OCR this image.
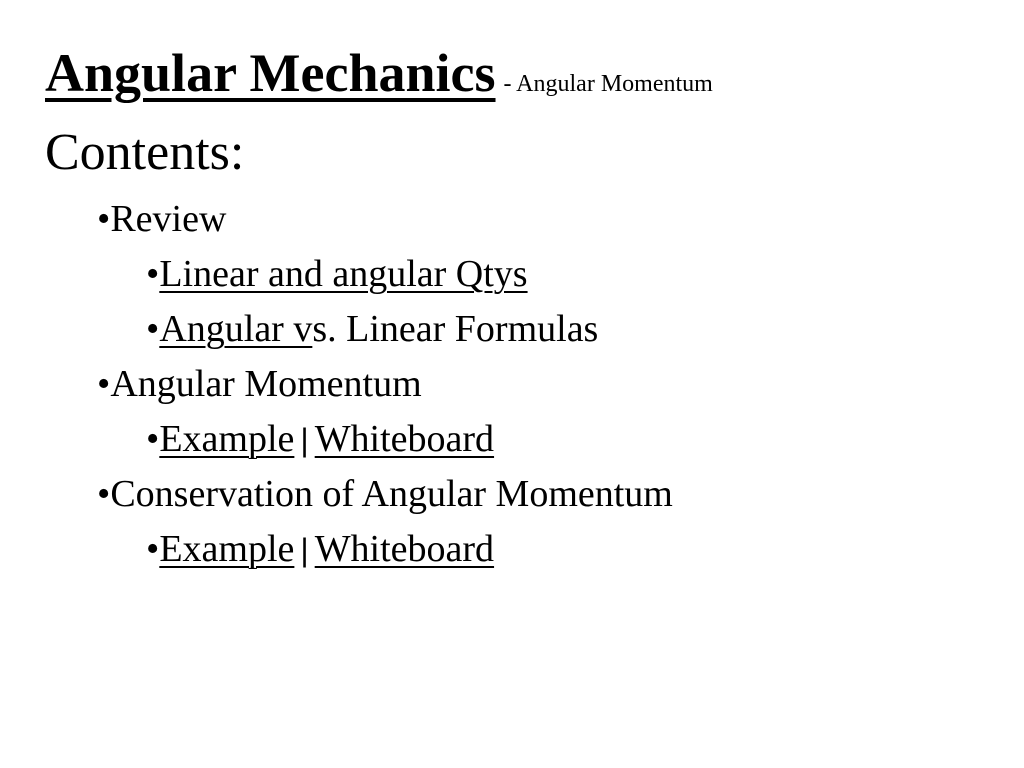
Angular Mechanics - Angular Momentum
Contents:
•Review
•Linear and angular Qtys
•Angular vs. Linear Formulas
•Angular Momentum
•Example | Whiteboard
•Conservation of Angular Momentum
•Example | Whiteboard
